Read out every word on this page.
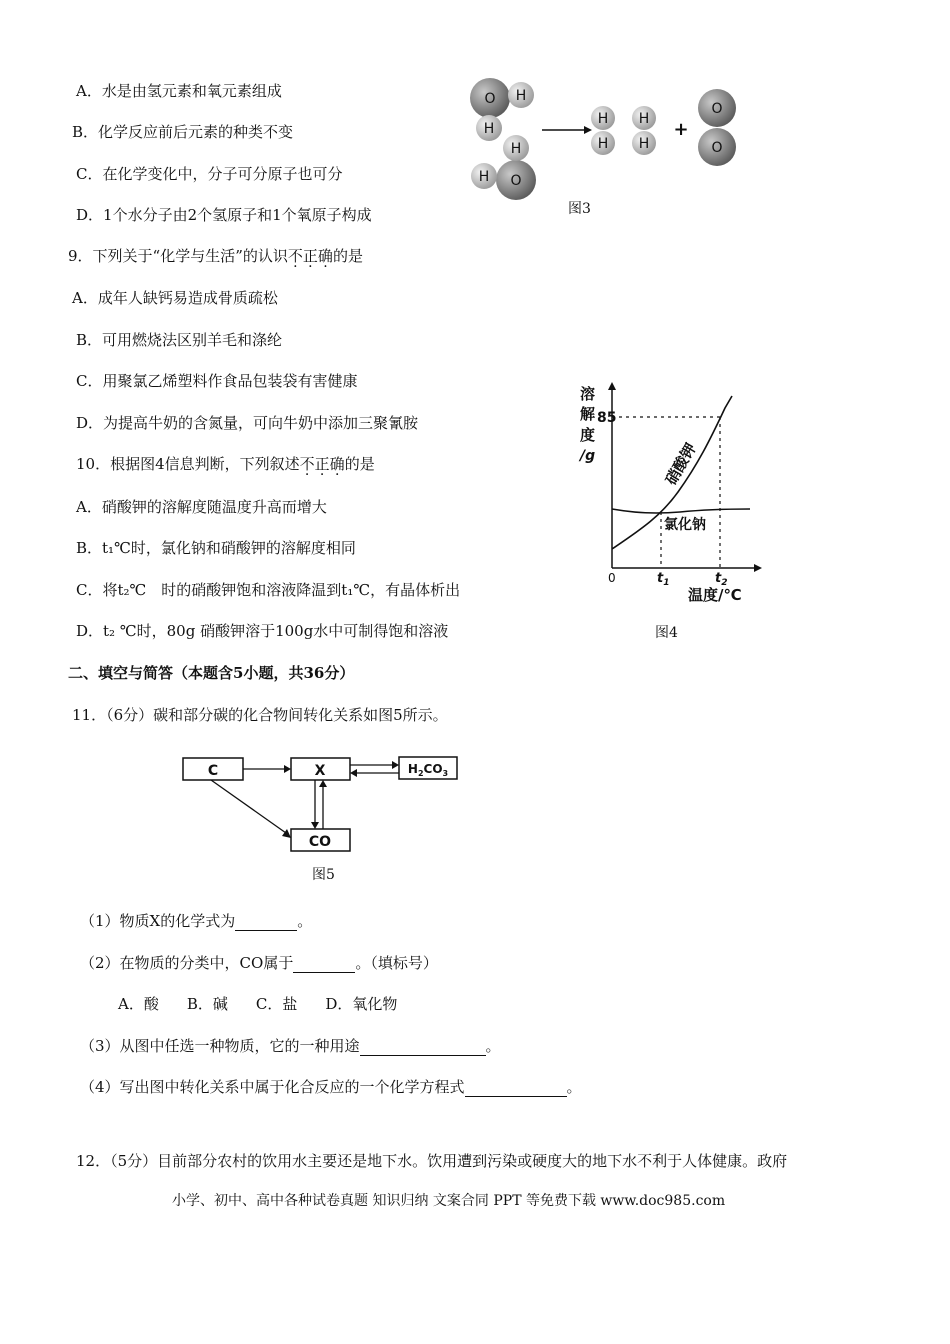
A．水是由氢元素和氧元素组成
B．化学反应前后元素的种类不变
C．在化学变化中，分子可分原子也可分
D．1个水分子由2个氢原子和1个氧原子构成
O H
H
O
H
H
H
H
H
H
+
O
O
图3
9．下列关于“化学与生活”的认识不正确的是
A．成年人缺钙易造成骨质疏松
B．可用燃烧法区别羊毛和涤纶
C．用聚氯乙烯塑料作食品包装袋有害健康
D．为提高牛奶的含氮量，可向牛奶中添加三聚氰胺
10．根据图4信息判断，下列叙述不正确的是
A．硝酸钾的溶解度随温度升高而增大
B．t₁℃时，氯化钠和硝酸钾的溶解度相同
C．将t₂℃　时的硝酸钾饱和溶液降温到t₁℃，有晶体析出
D．t₂ ℃时，80g 硝酸钾溶于100g水中可制得饱和溶液
溶
解
度
/g
85
0	$t_1$	$t_2$
温度/℃
氯化钠
硝酸钾
图4
二、填空与简答（本题含5小题，共36分）
11．（6分）碳和部分碳的化合物间转化关系如图5所示。
C	X	$H_2CO_3$
CO
图5
（1）物质X的化学式为	。
（2）在物质的分类中，CO属于	。（填标号）
A．酸 B．碱 C．盐 D．氧化物
（3）从图中任选一种物质，它的一种用途	。
（4）写出图中转化关系中属于化合反应的一个化学方程式	。
12．（5分）目前部分农村的饮用水主要还是地下水。饮用遭到污染或硬度大的地下水不利于人体健康。政府
小学、初中、高中各种试卷真题 知识归纳 文案合同 PPT 等免费下载 www.doc985.com
